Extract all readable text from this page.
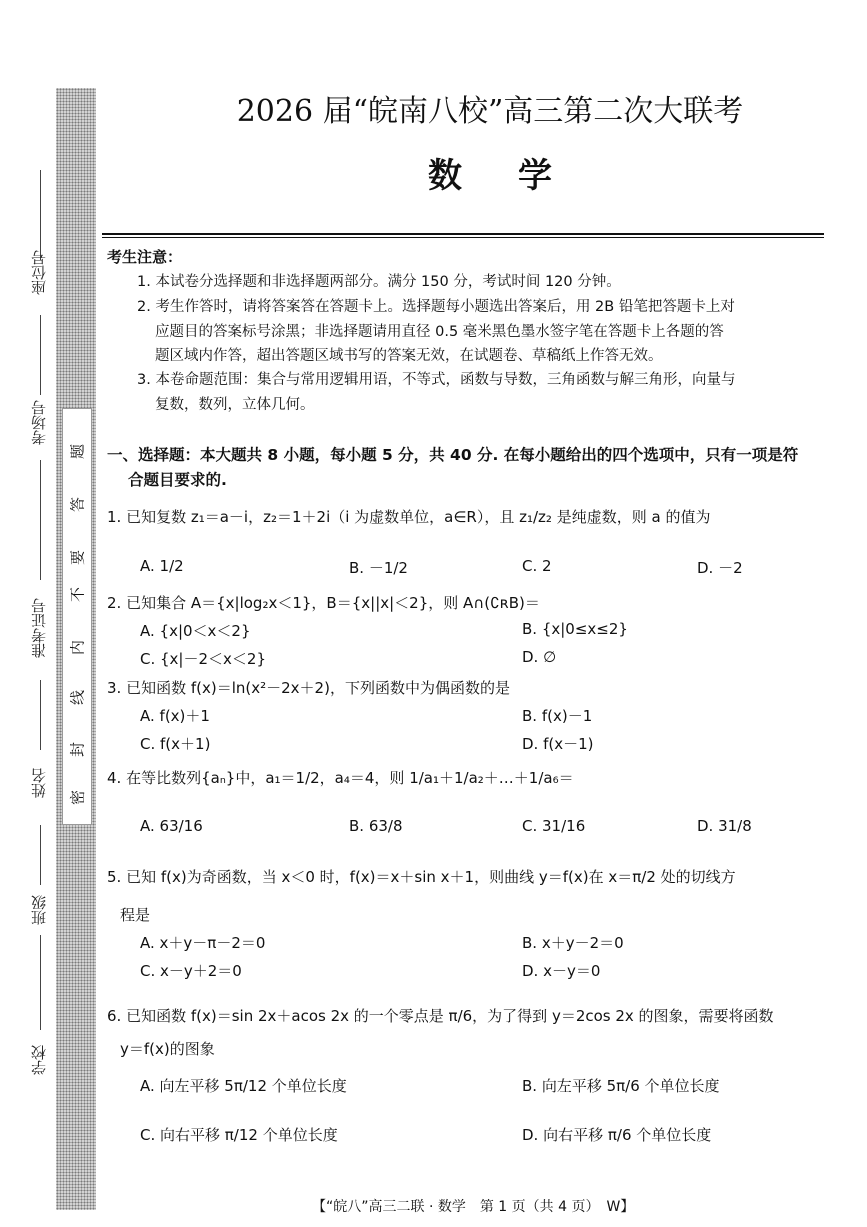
座位号
考场号
准考证号
姓名
班级
学校
题
答
要
不
内
线
封
密
2026 届“皖南八校”高三第二次大联考
数学
考生注意：
1. 本试卷分选择题和非选择题两部分。满分 150 分，考试时间 120 分钟。
2. 考生作答时，请将答案答在答题卡上。选择题每小题选出答案后，用 2B 铅笔把答题卡上对
应题目的答案标号涂黑；非选择题请用直径 0.5 毫米黑色墨水签字笔在答题卡上各题的答
题区域内作答，超出答题区域书写的答案无效，在试题卷、草稿纸上作答无效。
3. 本卷命题范围：集合与常用逻辑用语，不等式，函数与导数，三角函数与解三角形，向量与
复数，数列，立体几何。
一、选择题：本大题共 8 小题，每小题 5 分，共 40 分. 在每小题给出的四个选项中，只有一项是符
合题目要求的.
1. 已知复数 z₁＝a－i，z₂＝1＋2i（i 为虚数单位，a∈R），且 z₁/z₂ 是纯虚数，则 a 的值为
A. 1/2	B. －1/2	C. 2	D. －2
2. 已知集合 A＝{x|log₂x＜1}，B＝{x||x|＜2}，则 A∩(∁ʀB)＝
A. {x|0＜x＜2}	B. {x|0≤x≤2}
C. {x|－2＜x＜2}	D. ∅
3. 已知函数 f(x)＝ln(x²－2x＋2)，下列函数中为偶函数的是
A. f(x)＋1	B. f(x)－1
C. f(x＋1)	D. f(x－1)
4. 在等比数列{aₙ}中，a₁＝1/2，a₄＝4，则 1/a₁＋1/a₂＋…＋1/a₆＝
A. 63/16	B. 63/8	C. 31/16	D. 31/8
5. 已知 f(x)为奇函数，当 x＜0 时，f(x)＝x＋sin x＋1，则曲线 y＝f(x)在 x＝π/2 处的切线方
程是
A. x＋y－π－2＝0	B. x＋y－2＝0
C. x－y＋2＝0	D. x－y＝0
6. 已知函数 f(x)＝sin 2x＋acos 2x 的一个零点是 π/6，为了得到 y＝2cos 2x 的图象，需要将函数
y＝f(x)的图象
A. 向左平移 5π/12 个单位长度	B. 向左平移 5π/6 个单位长度
C. 向右平移 π/12 个单位长度	D. 向右平移 π/6 个单位长度
【“皖八”高三二联 · 数学　第 1 页（共 4 页）　W】
